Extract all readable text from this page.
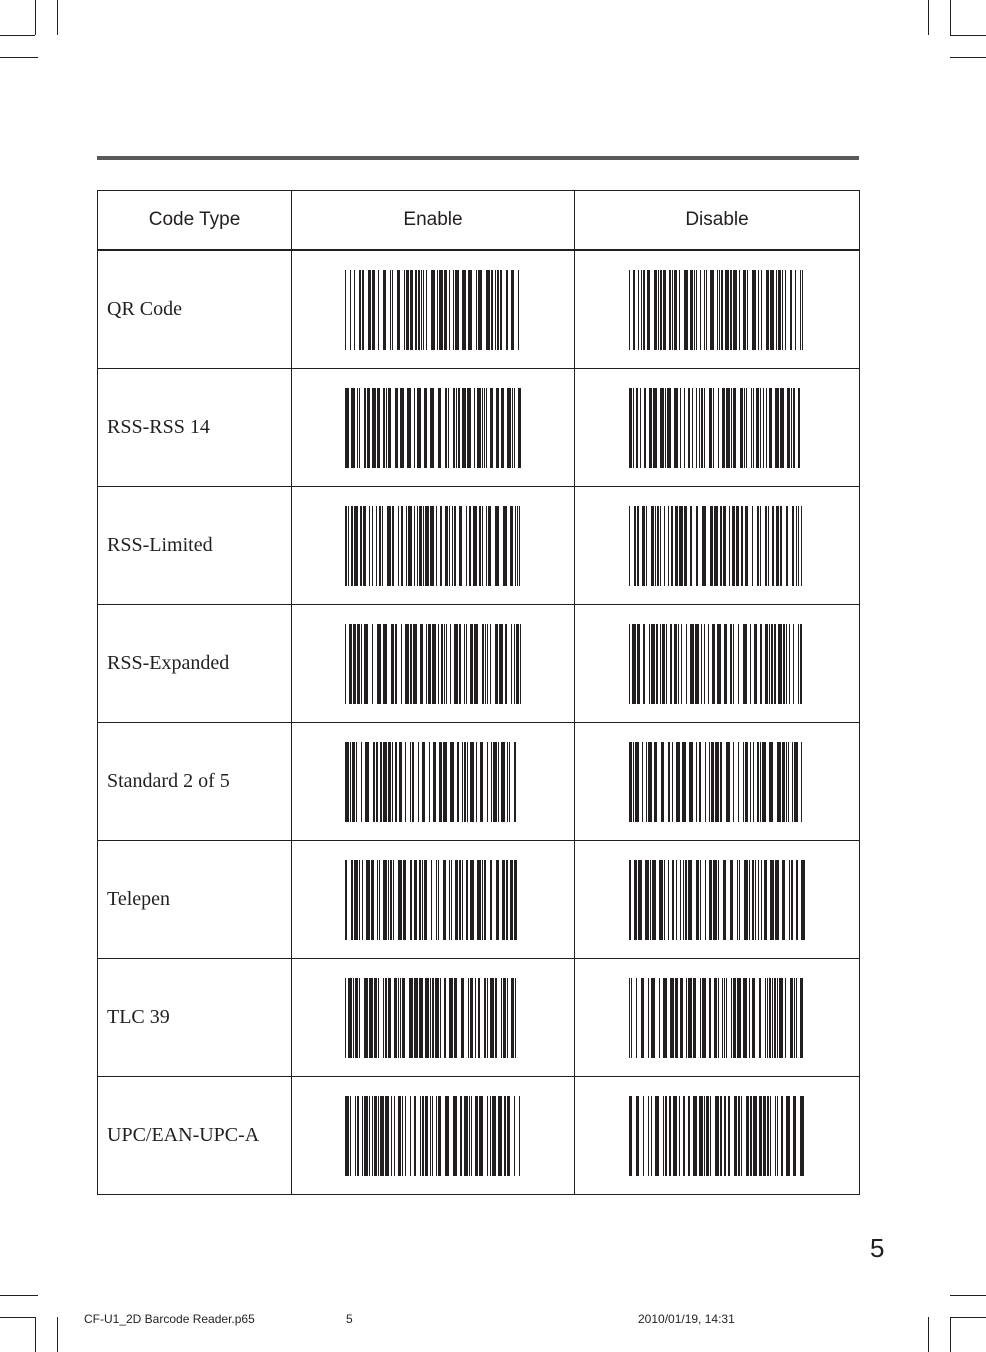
Code Type	Enable	Disable
QR Code	

RSS-RSS 14	

RSS-Limited	

RSS-Expanded	

Standard 2 of 5	

Telepen	

TLC 39	

UPC/EAN-UPC-A	

5
CF-U1_2D Barcode Reader.p65	5	2010/01/19, 14:31
